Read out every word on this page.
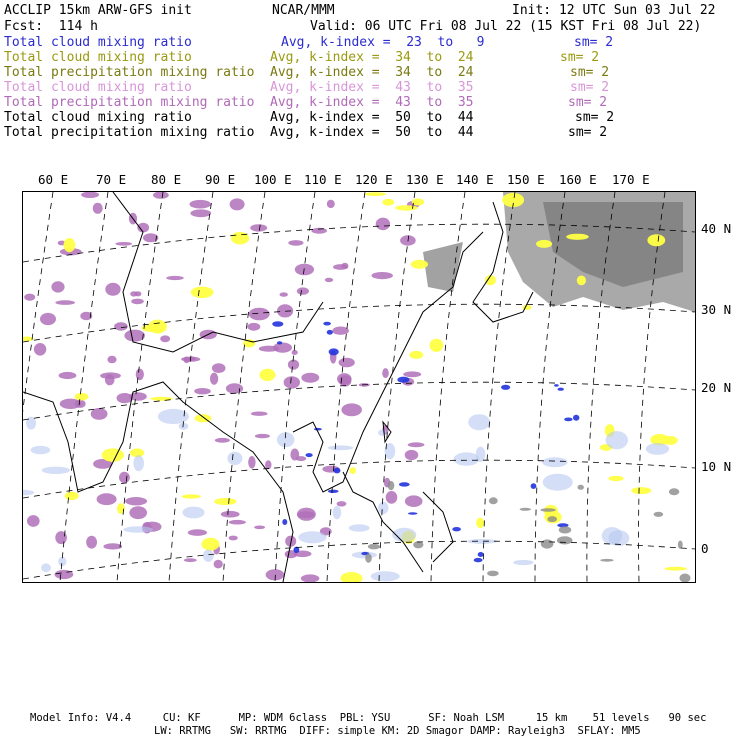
ACCLIP 15km ARW-GFS init	NCAR/MMM	Init: 12 UTC Sun 03 Jul 22
Fcst:  114 h	Valid: 06 UTC Fri 08 Jul 22 (15 KST Fri 08 Jul 22)
Total cloud mixing ratio	Avg, k-index =  23  to   9	sm= 2
Total cloud mixing ratio	Avg, k-index =  34  to  24	sm= 2
Total precipitation mixing ratio Avg, k-index =  34  to  24	sm= 2
Total cloud mixing ratio	Avg, k-index =  43  to  35	sm= 2
Total precipitation mixing ratio Avg, k-index =  43  to  35	sm= 2
Total cloud mixing ratio	Avg, k-index =  50  to  44	sm= 2
Total precipitation mixing ratio Avg, k-index =  50  to  44	sm= 2
60 E 70 E 80 E 90 E 100 E 110 E 120 E 130 E 140 E 150 E 160 E 170 E
40 N
30 N
20 N
10 N
0
Model Info: V4.4     CU: KF      MP: WDM 6class  PBL: YSU      SF: Noah LSM     15 km    51 levels   90 sec
LW: RRTMG   SW: RRTMG  DIFF: simple KM: 2D Smagor DAMP: Rayleigh3  SFLAY: MM5
